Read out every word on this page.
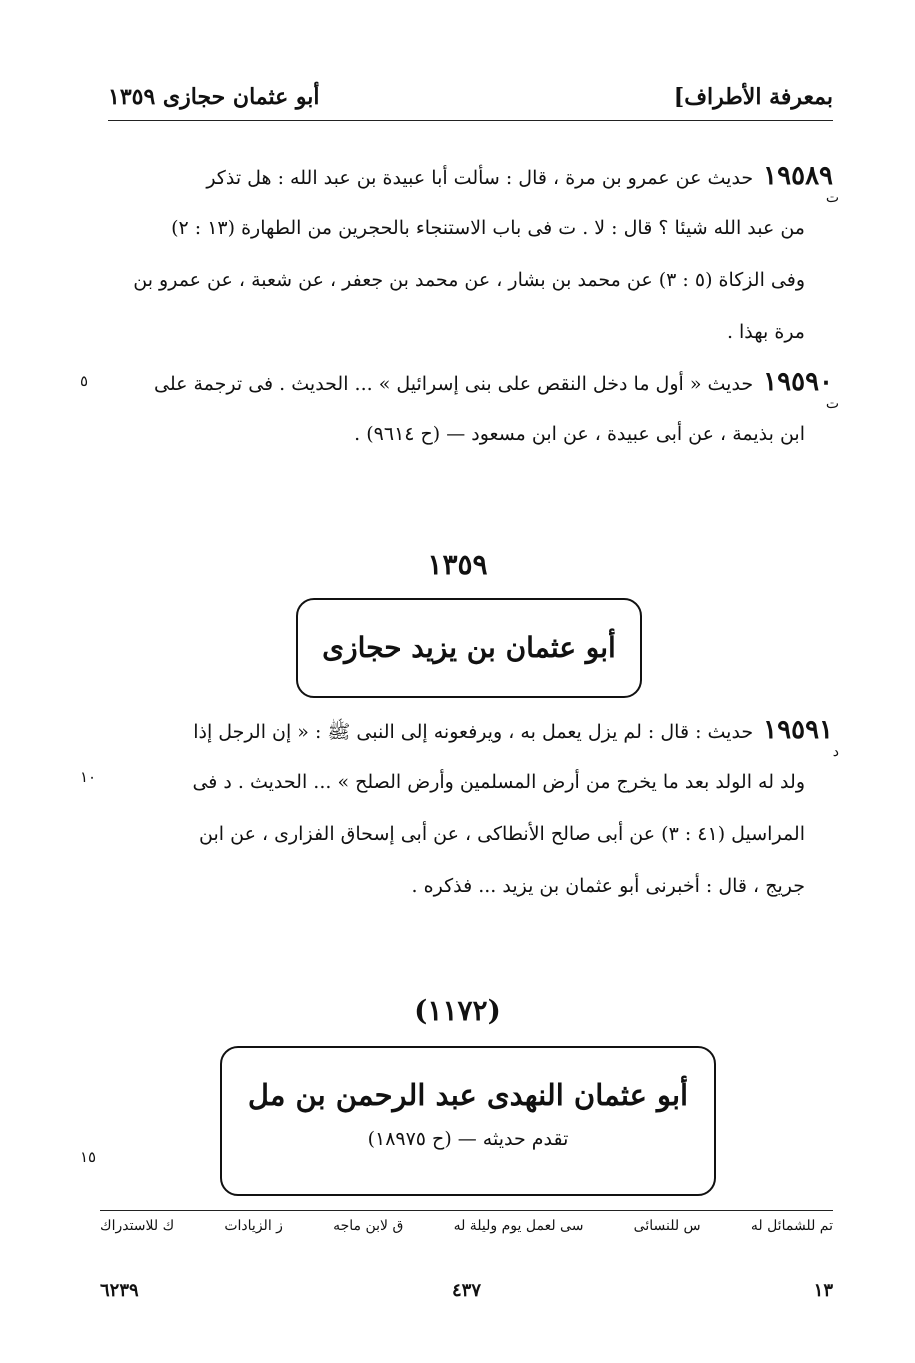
بمعرفة الأطراف]
أبو عثمان حجازى ١٣٥٩
١٩٥٨٩حديث عن عمرو بن مرة ، قال : سألت أبا عبيدة بن عبد الله : هل تذكر
ت
من عبد الله شيئا ؟ قال : لا . ت فى باب الاستنجاء بالحجرين من الطهارة (١٣ : ٢)
وفى الزكاة (٥ : ٣) عن محمد بن بشار ، عن محمد بن جعفر ، عن شعبة ، عن عمرو بن
مرة بهذا .
١٩٥٩٠حديث « أول ما دخل النقص على بنى إسرائيل » ... الحديث . فى ترجمة على
ت
ابن بذيمة ، عن أبى عبيدة ، عن ابن مسعود — (ح ٩٦١٤) .
٥
١٣٥٩
أبو عثمان بن يزيد حجازى
١٩٥٩١حديث : قال : لم يزل يعمل به ، ويرفعونه إلى النبى ﷺ : « إن الرجل إذا
د
ولد له الولد بعد ما يخرج من أرض المسلمين وأرض الصلح » ... الحديث . د فى
المراسيل (٤١ : ٣) عن أبى صالح الأنطاكى ، عن أبى إسحاق الفزارى ، عن ابن
جريج ، قال : أخبرنى أبو عثمان بن يزيد ... فذكره .
١٠
(١١٧٢)
أبو عثمان النهدى عبد الرحمن بن مل
تقدم حديثه — (ح ١٨٩٧٥)
١٥
تم للشمائل له
س للنسائى
سى لعمل يوم وليلة له
ق لابن ماجه
ز الزيادات
ك للاستدراك
١٣
٤٣٧
٦٢٣٩
